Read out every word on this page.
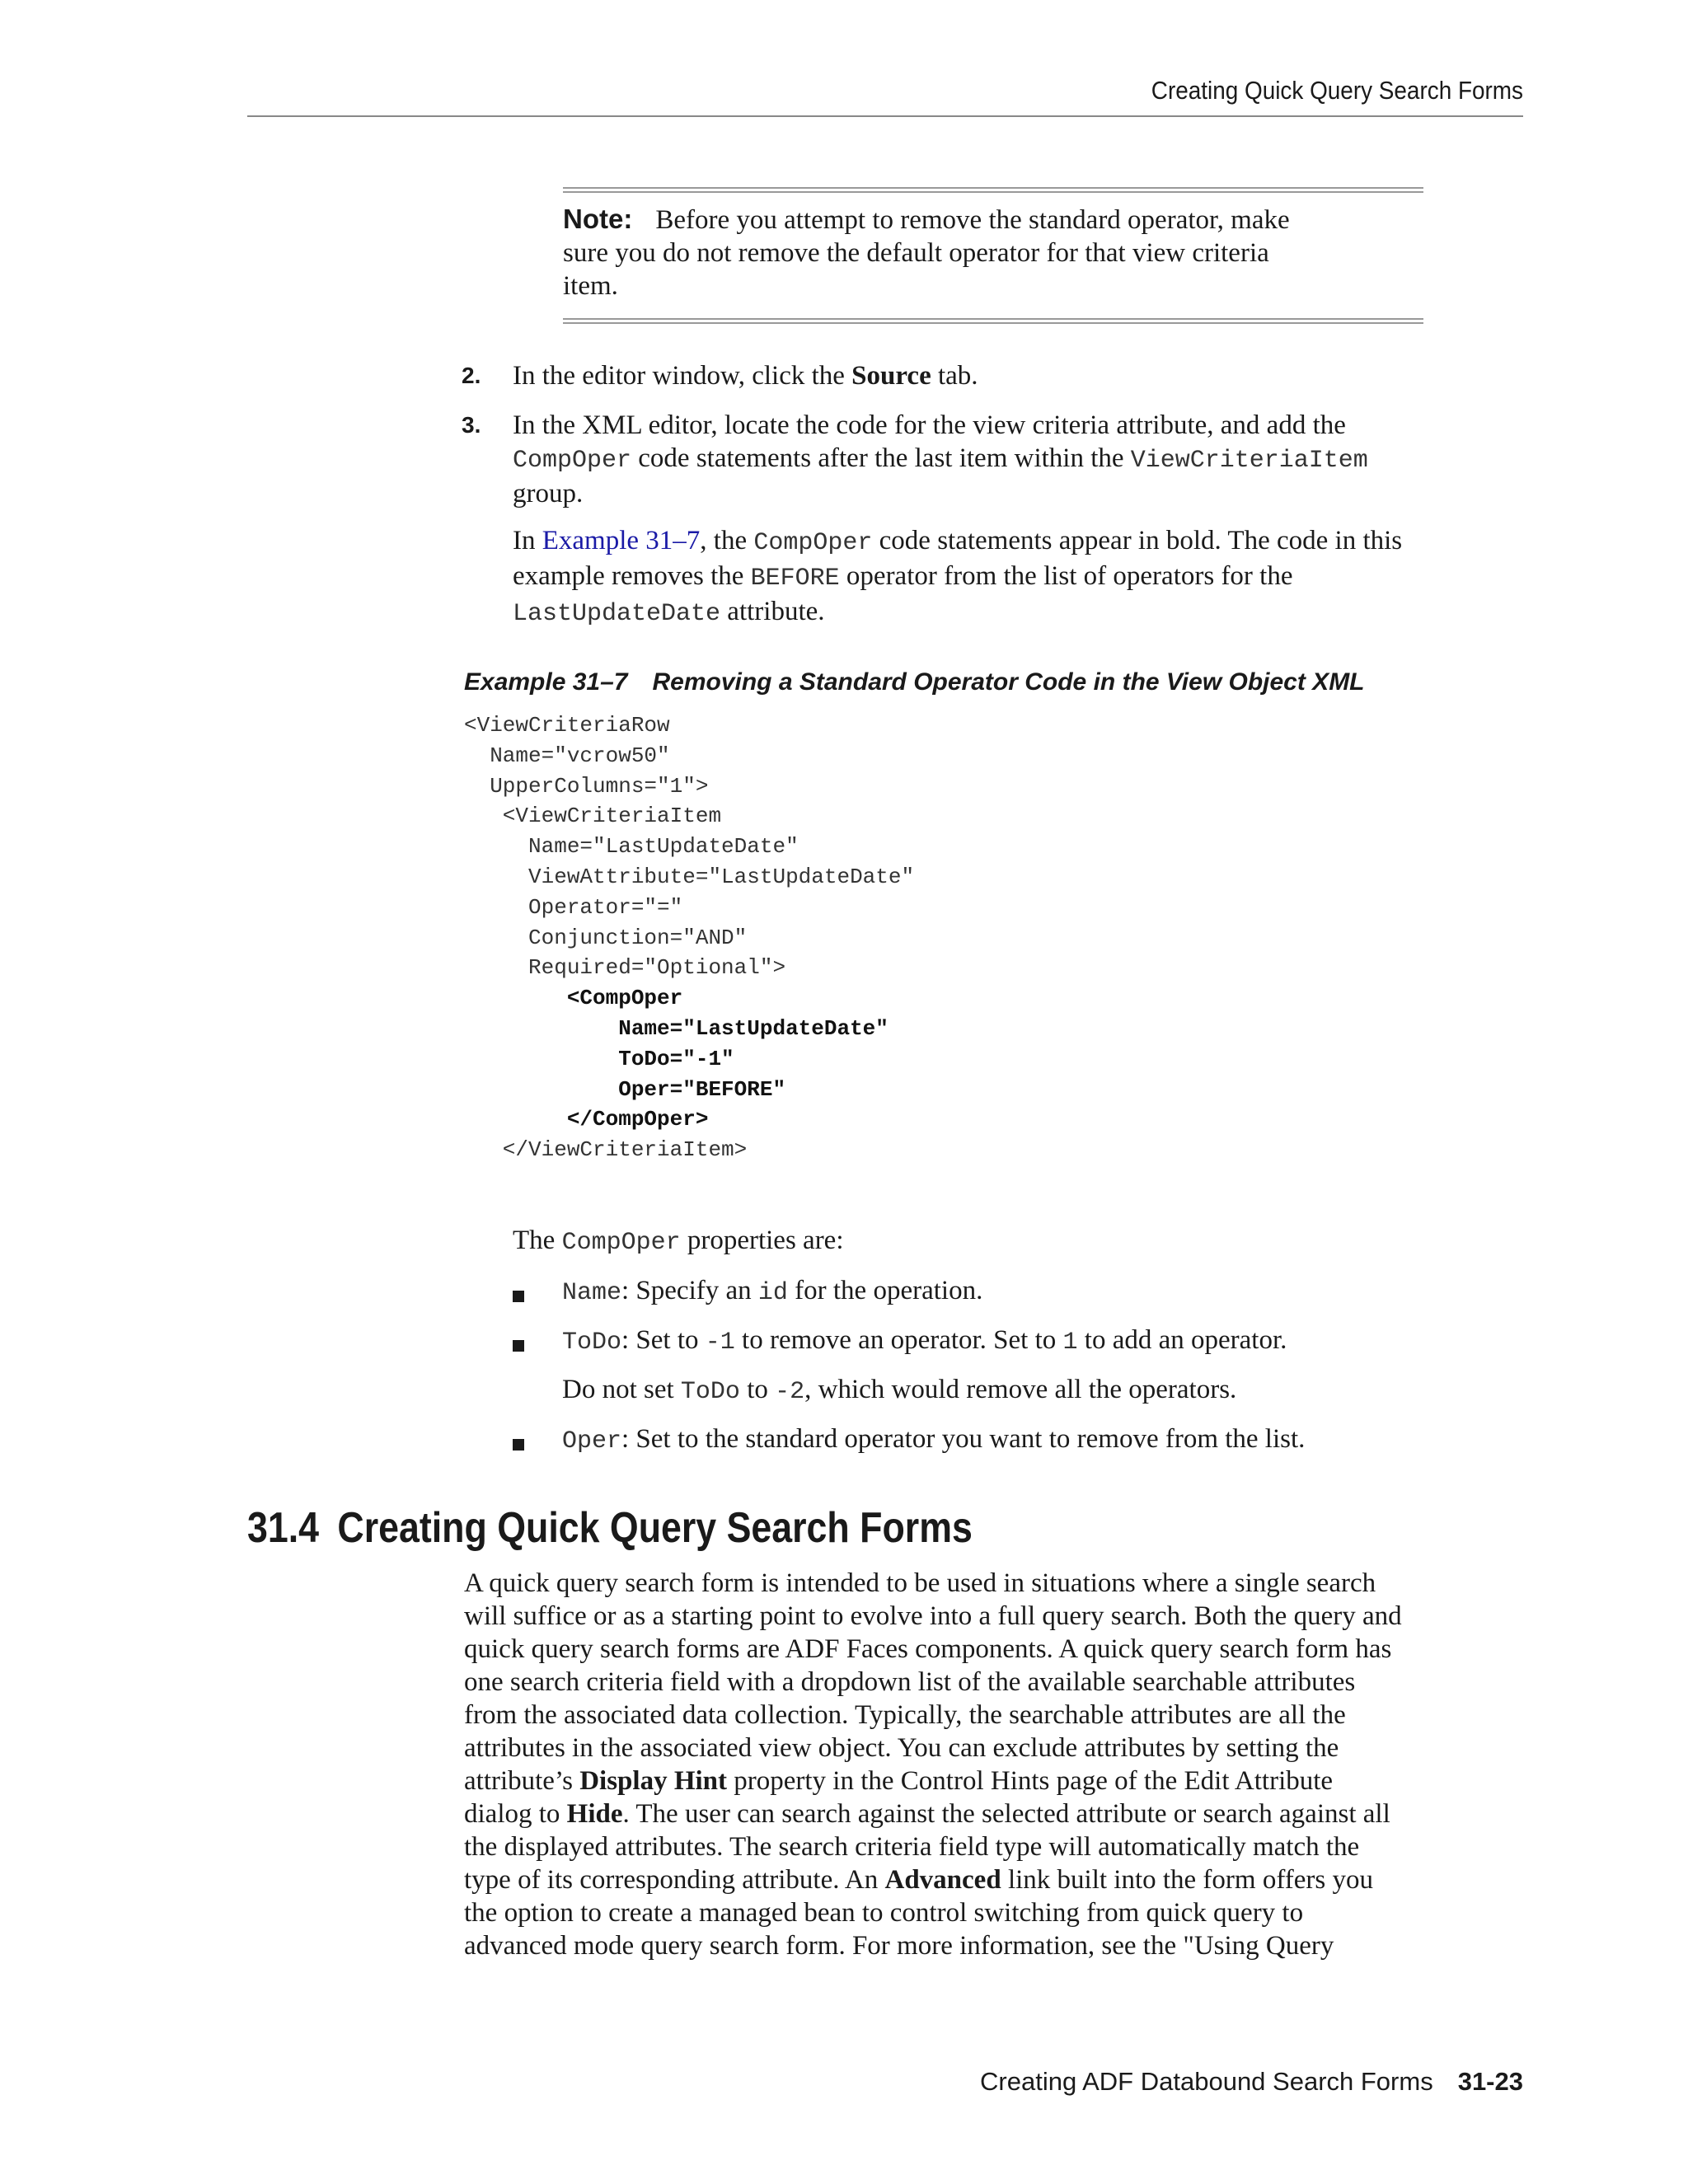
Creating Quick Query Search Forms
Note: Before you attempt to remove the standard operator, make
sure you do not remove the default operator for that view criteria
item.
2.	In the editor window, click the Source tab.
3.	In the XML editor, locate the code for the view criteria attribute, and add the
CompOper code statements after the last item within the ViewCriteriaItem
group.
In Example 31–7, the CompOper code statements appear in bold. The code in this
example removes the BEFORE operator from the list of operators for the
LastUpdateDate attribute.
Example 31–7 Removing a Standard Operator Code in the View Object XML
<ViewCriteriaRow
Name="vcrow50"
UpperColumns="1">
<ViewCriteriaItem
Name="LastUpdateDate"
ViewAttribute="LastUpdateDate"
Operator="="
Conjunction="AND"
Required="Optional">
<CompOper
Name="LastUpdateDate"
ToDo="-1"
Oper="BEFORE"
</CompOper>
</ViewCriteriaItem>
The CompOper properties are:
Name: Specify an id for the operation.
ToDo: Set to -1 to remove an operator. Set to 1 to add an operator.
Do not set ToDo to -2, which would remove all the operators.
Oper: Set to the standard operator you want to remove from the list.
31.4 Creating Quick Query Search Forms
A quick query search form is intended to be used in situations where a single search
will suffice or as a starting point to evolve into a full query search. Both the query and
quick query search forms are ADF Faces components. A quick query search form has
one search criteria field with a dropdown list of the available searchable attributes
from the associated data collection. Typically, the searchable attributes are all the
attributes in the associated view object. You can exclude attributes by setting the
attribute’s Display Hint property in the Control Hints page of the Edit Attribute
dialog to Hide. The user can search against the selected attribute or search against all
the displayed attributes. The search criteria field type will automatically match the
type of its corresponding attribute. An Advanced link built into the form offers you
the option to create a managed bean to control switching from quick query to
advanced mode query search form. For more information, see the "Using Query
Creating ADF Databound Search Forms 31-23
